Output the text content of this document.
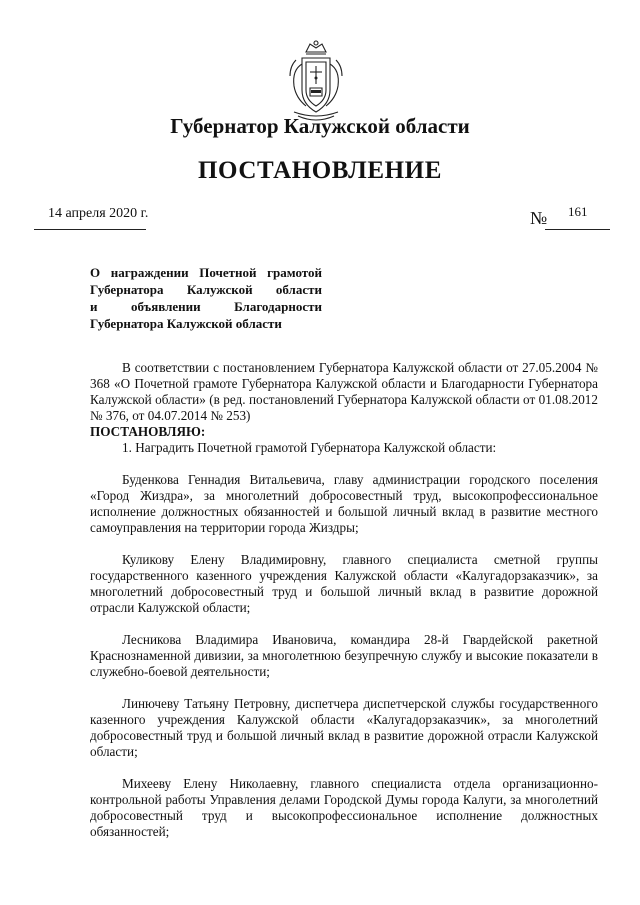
Губернатор Калужской области
ПОСТАНОВЛЕНИЕ
14 апреля 2020 г.	№ 161
О награждении Почетной грамотой
Губернатора Калужской области
и объявлении Благодарности
Губернатора Калужской области

В соответствии с постановлением Губернатора Калужской области от 27.05.2004 № 368 «О Почетной грамоте Губернатора Калужской области и Благодарности Губернатора Калужской области» (в ред. постановлений Губернатора Калужской области от 01.08.2012 № 376, от 04.07.2014 № 253)

ПОСТАНОВЛЯЮ:

1. Наградить Почетной грамотой Губернатора Калужской области:

Буденкова Геннадия Витальевича, главу администрации городского поселения «Город Жиздра», за многолетний добросовестный труд, высокопрофессиональное исполнение должностных обязанностей и большой личный вклад в развитие местного самоуправления на территории города Жиздры;

Куликову Елену Владимировну, главного специалиста сметной группы государственного казенного учреждения Калужской области «Калугадорзаказчик», за многолетний добросовестный труд и большой личный вклад в развитие дорожной отрасли Калужской области;

Лесникова Владимира Ивановича, командира 28-й Гвардейской ракетной Краснознаменной дивизии, за многолетнюю безупречную службу и высокие показатели в служебно-боевой деятельности;

Линючеву Татьяну Петровну, диспетчера диспетчерской службы государственного казенного учреждения Калужской области «Калугадорзаказчик», за многолетний добросовестный труд и большой личный вклад в развитие дорожной отрасли Калужской области;

Михееву Елену Николаевну, главного специалиста отдела организационно-контрольной работы Управления делами Городской Думы города Калуги, за многолетний добросовестный труд и высокопрофессиональное исполнение должностных обязанностей;
